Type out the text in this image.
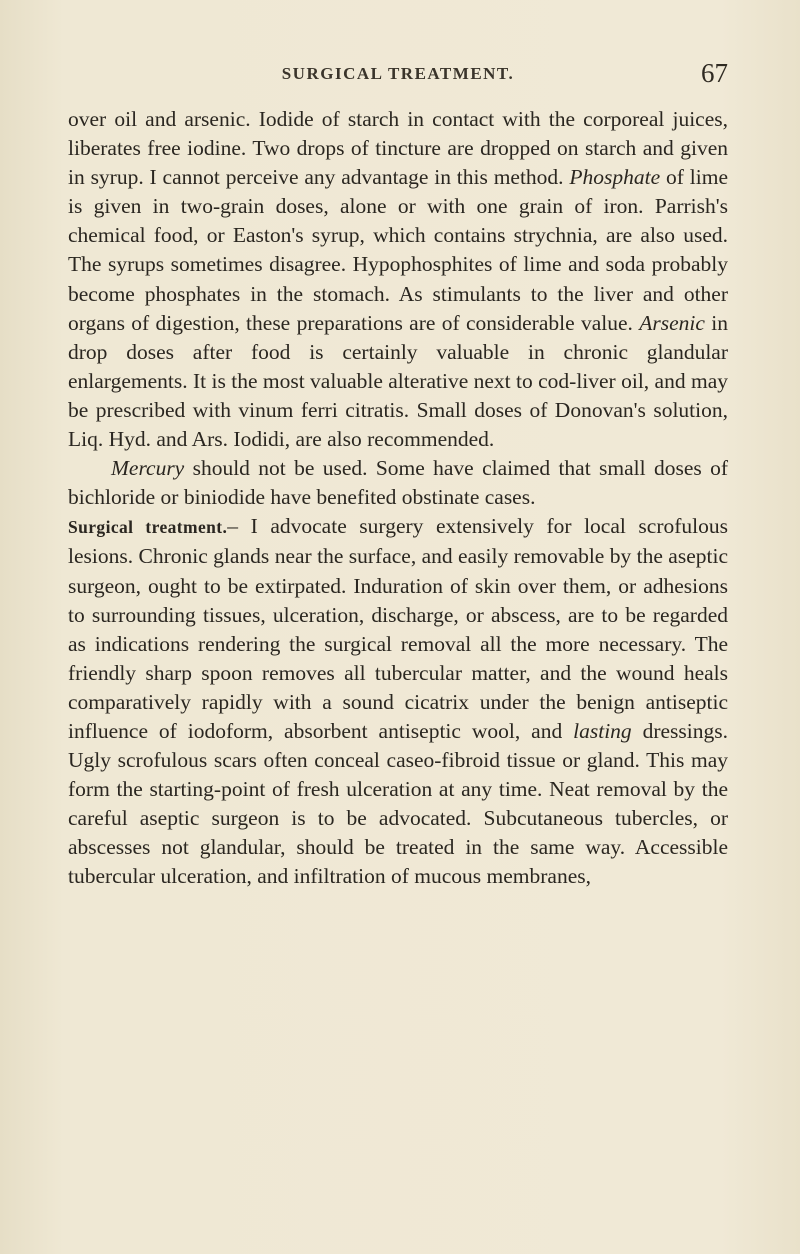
SURGICAL TREATMENT.	67

over oil and arsenic. Iodide of starch in contact with the corporeal juices, liberates free iodine. Two drops of tincture are dropped on starch and given in syrup. I cannot perceive any advantage in this method. Phosphate of lime is given in two-grain doses, alone or with one grain of iron. Parrish's chemical food, or Easton's syrup, which contains strychnia, are also used. The syrups sometimes disagree. Hypophosphites of lime and soda probably become phosphates in the stomach. As stimulants to the liver and other organs of digestion, these preparations are of considerable value. Arsenic in drop doses after food is certainly valuable in chronic glandular enlargements. It is the most valuable alterative next to cod-liver oil, and may be prescribed with vinum ferri citratis. Small doses of Donovan's solution, Liq. Hyd. and Ars. Iodidi, are also recommended.

Mercury should not be used. Some have claimed that small doses of bichloride or biniodide have benefited obstinate cases.

Surgical treatment.– I advocate surgery extensively for local scrofulous lesions. Chronic glands near the surface, and easily removable by the aseptic surgeon, ought to be extirpated. Induration of skin over them, or adhesions to surrounding tissues, ulceration, discharge, or abscess, are to be regarded as indications rendering the surgical removal all the more necessary. The friendly sharp spoon removes all tubercular matter, and the wound heals comparatively rapidly with a sound cicatrix under the benign antiseptic influence of iodoform, absorbent antiseptic wool, and lasting dressings. Ugly scrofulous scars often conceal caseo-fibroid tissue or gland. This may form the starting-point of fresh ulceration at any time. Neat removal by the careful aseptic surgeon is to be advocated. Subcutaneous tubercles, or abscesses not glandular, should be treated in the same way. Accessible tubercular ulceration, and infiltration of mucous membranes,
